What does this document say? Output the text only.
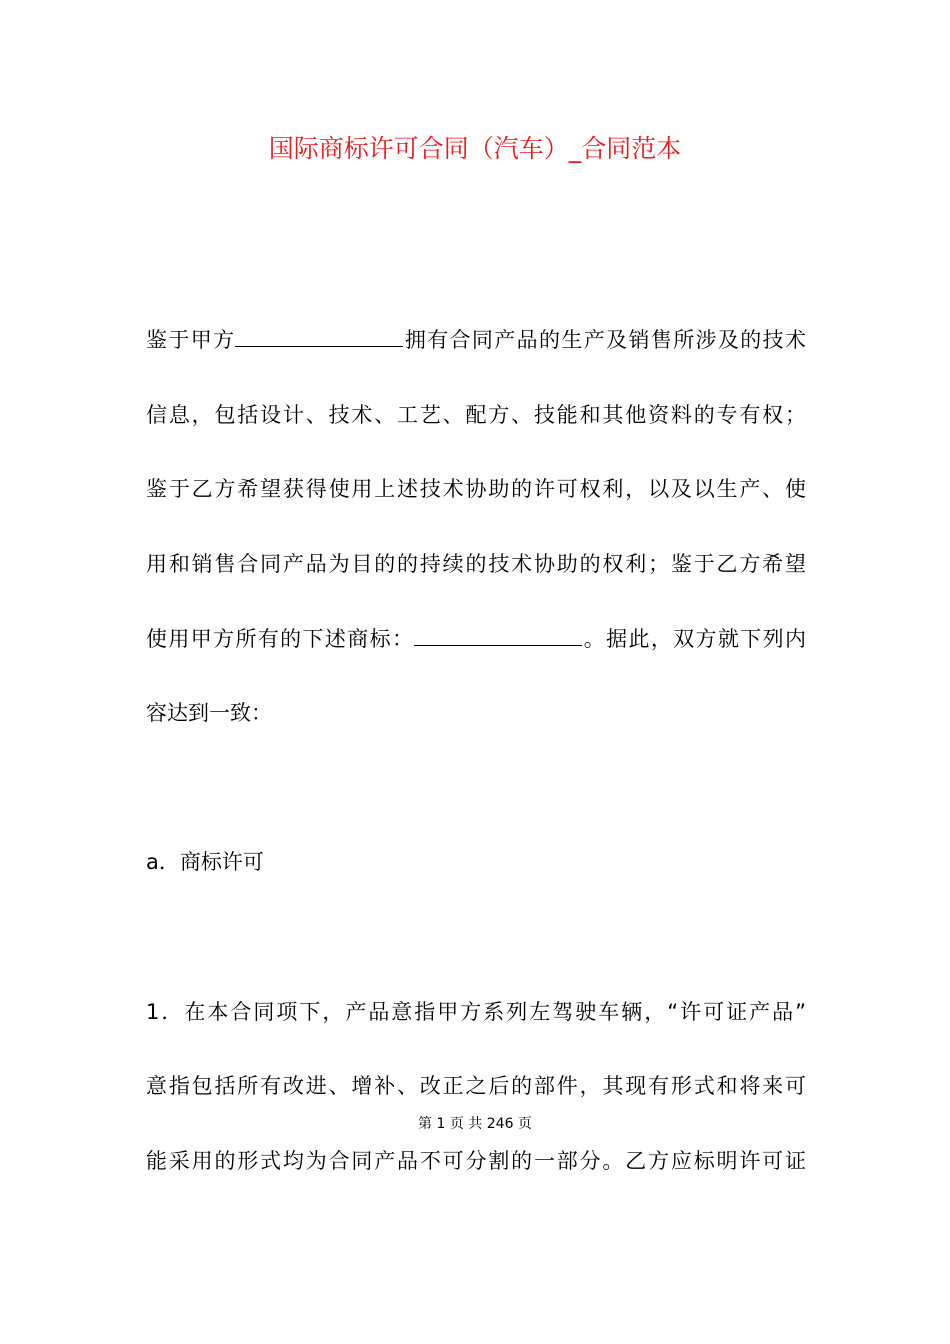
国际商标许可合同（汽车）_合同范本
鉴于甲方	拥有合同产品的生产及销售所涉及的技术
信息，包括设计、技术、工艺、配方、技能和其他资料的专有权；
鉴于乙方希望获得使用上述技术协助的许可权利，以及以生产、使
用和销售合同产品为目的的持续的技术协助的权利；鉴于乙方希望
使用甲方所有的下述商标：	。据此，双方就下列内
容达到一致：
a．商标许可
1．在本合同项下，产品意指甲方系列左驾驶车辆，“许可证产品”
意指包括所有改进、增补、改正之后的部件，其现有形式和将来可
第 1 页 共 246 页
能采用的形式均为合同产品不可分割的一部分。乙方应标明许可证
